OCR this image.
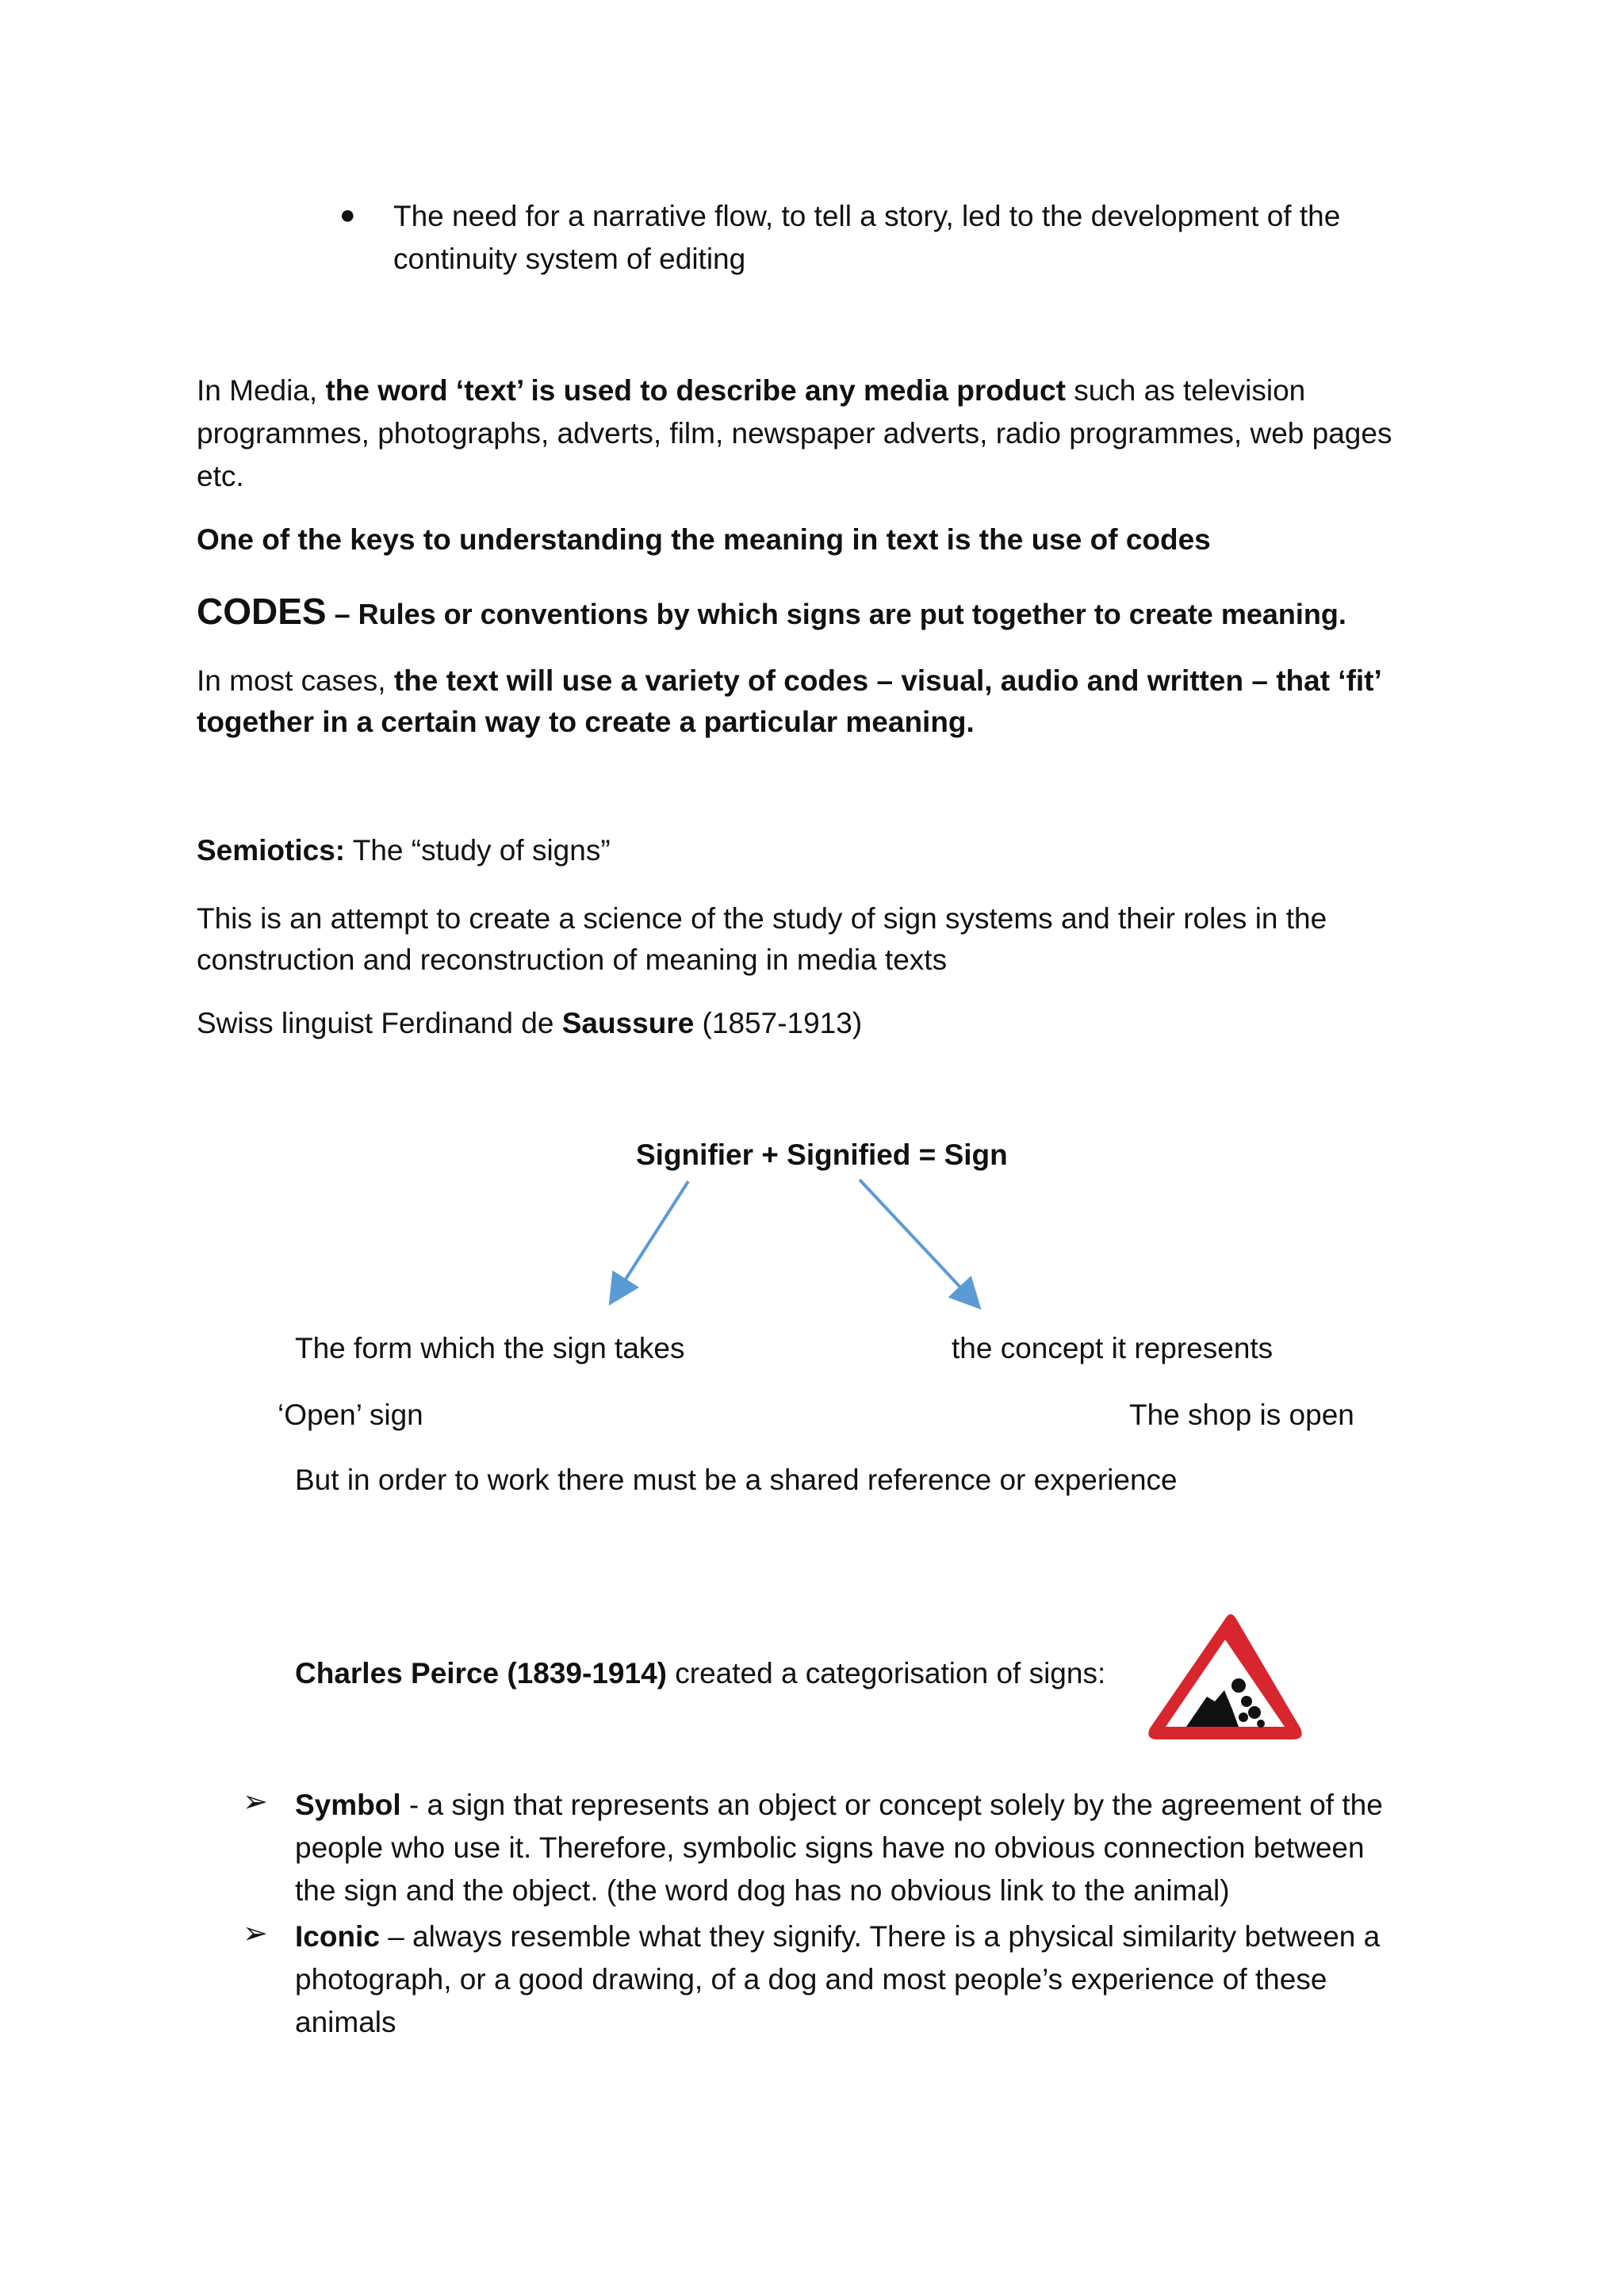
● The need for a narrative flow, to tell a story, led to the development of the
continuity system of editing
In Media, the word ‘text’ is used to describe any media product such as television
programmes, photographs, adverts, film, newspaper adverts, radio programmes, web pages
etc.
One of the keys to understanding the meaning in text is the use of codes
CODES – Rules or conventions by which signs are put together to create meaning.
In most cases, the text will use a variety of codes – visual, audio and written – that ‘fit’
together in a certain way to create a particular meaning.
Semiotics: The “study of signs”
This is an attempt to create a science of the study of sign systems and their roles in the
construction and reconstruction of meaning in media texts
Swiss linguist Ferdinand de Saussure (1857-1913)
Signifier + Signified = Sign
The form which the sign takes	the concept it represents
‘Open’ sign	The shop is open
But in order to work there must be a shared reference or experience
Charles Peirce (1839-1914) created a categorisation of signs:
➢ Symbol - a sign that represents an object or concept solely by the agreement of the
people who use it. Therefore, symbolic signs have no obvious connection between
the sign and the object. (the word dog has no obvious link to the animal)
➢ Iconic – always resemble what they signify. There is a physical similarity between a
photograph, or a good drawing, of a dog and most people’s experience of these
animals
